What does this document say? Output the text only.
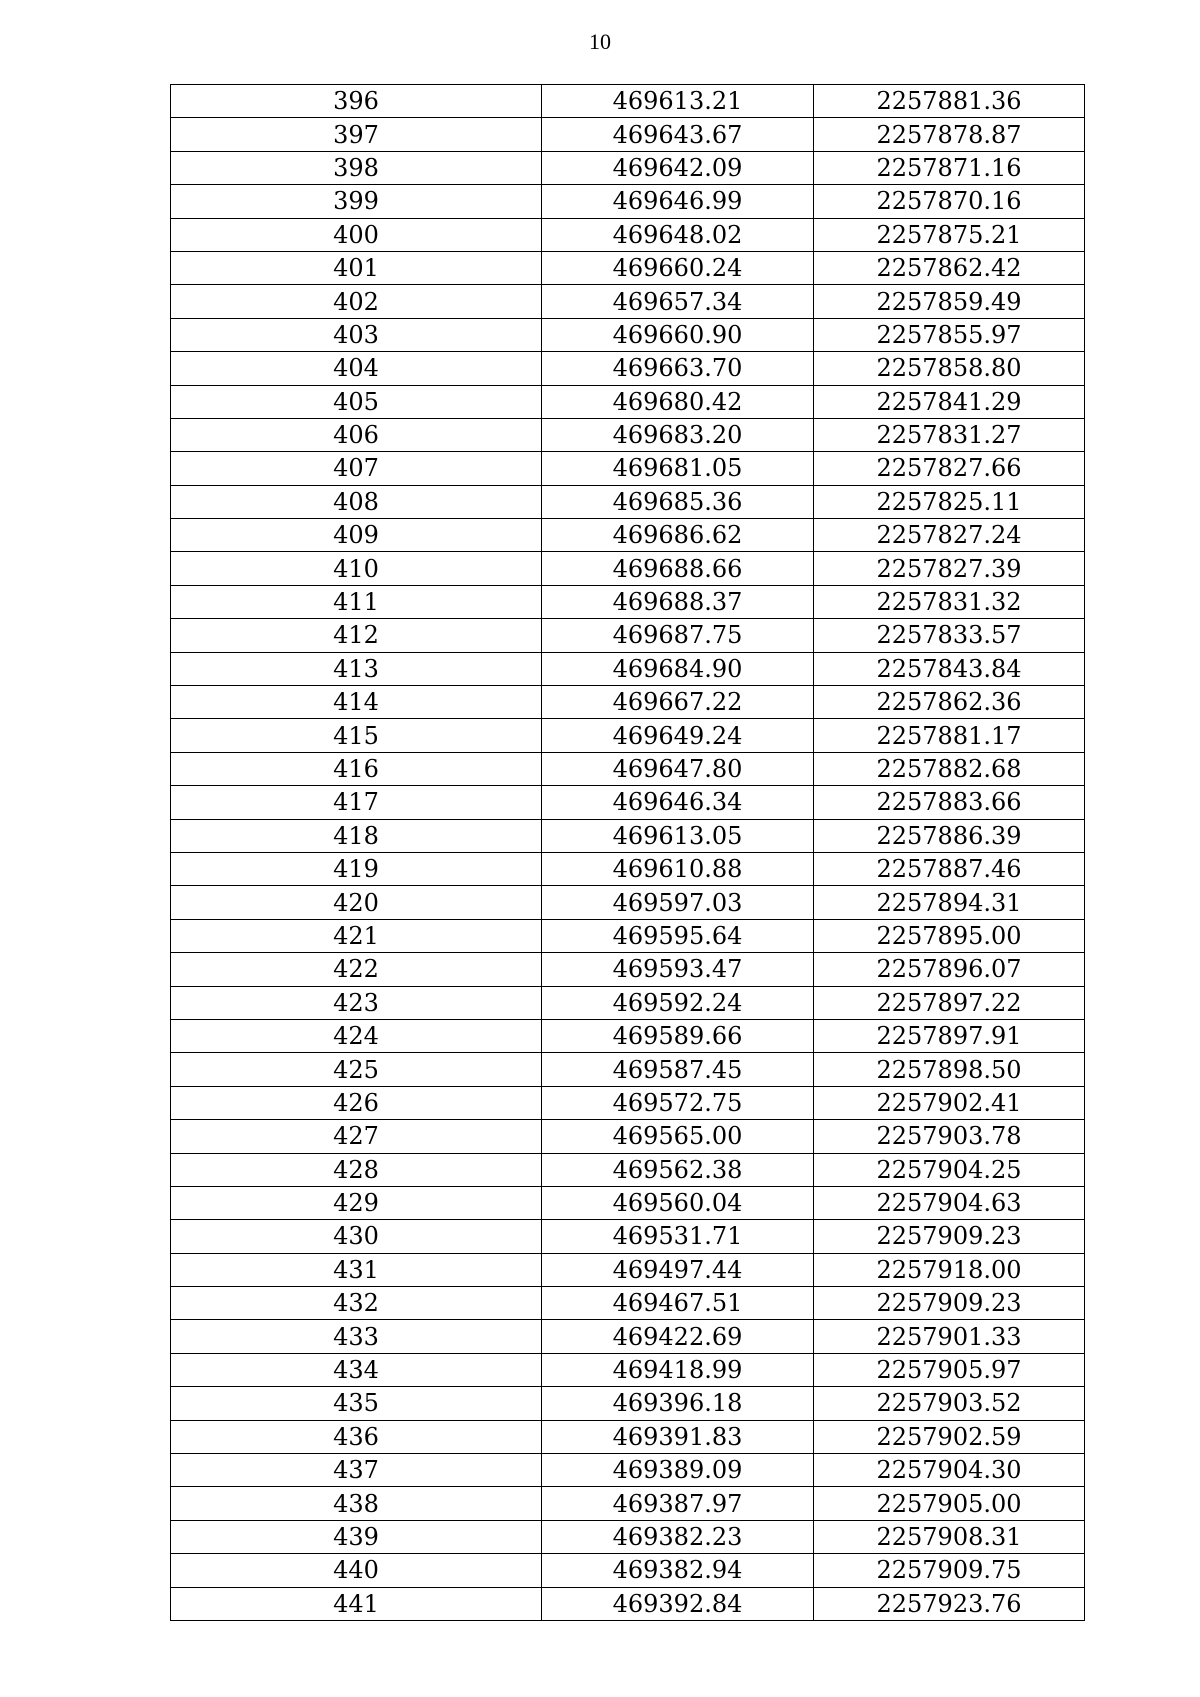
10
396	469613.21	2257881.36
397	469643.67	2257878.87
398	469642.09	2257871.16
399	469646.99	2257870.16
400	469648.02	2257875.21
401	469660.24	2257862.42
402	469657.34	2257859.49
403	469660.90	2257855.97
404	469663.70	2257858.80
405	469680.42	2257841.29
406	469683.20	2257831.27
407	469681.05	2257827.66
408	469685.36	2257825.11
409	469686.62	2257827.24
410	469688.66	2257827.39
411	469688.37	2257831.32
412	469687.75	2257833.57
413	469684.90	2257843.84
414	469667.22	2257862.36
415	469649.24	2257881.17
416	469647.80	2257882.68
417	469646.34	2257883.66
418	469613.05	2257886.39
419	469610.88	2257887.46
420	469597.03	2257894.31
421	469595.64	2257895.00
422	469593.47	2257896.07
423	469592.24	2257897.22
424	469589.66	2257897.91
425	469587.45	2257898.50
426	469572.75	2257902.41
427	469565.00	2257903.78
428	469562.38	2257904.25
429	469560.04	2257904.63
430	469531.71	2257909.23
431	469497.44	2257918.00
432	469467.51	2257909.23
433	469422.69	2257901.33
434	469418.99	2257905.97
435	469396.18	2257903.52
436	469391.83	2257902.59
437	469389.09	2257904.30
438	469387.97	2257905.00
439	469382.23	2257908.31
440	469382.94	2257909.75
441	469392.84	2257923.76
